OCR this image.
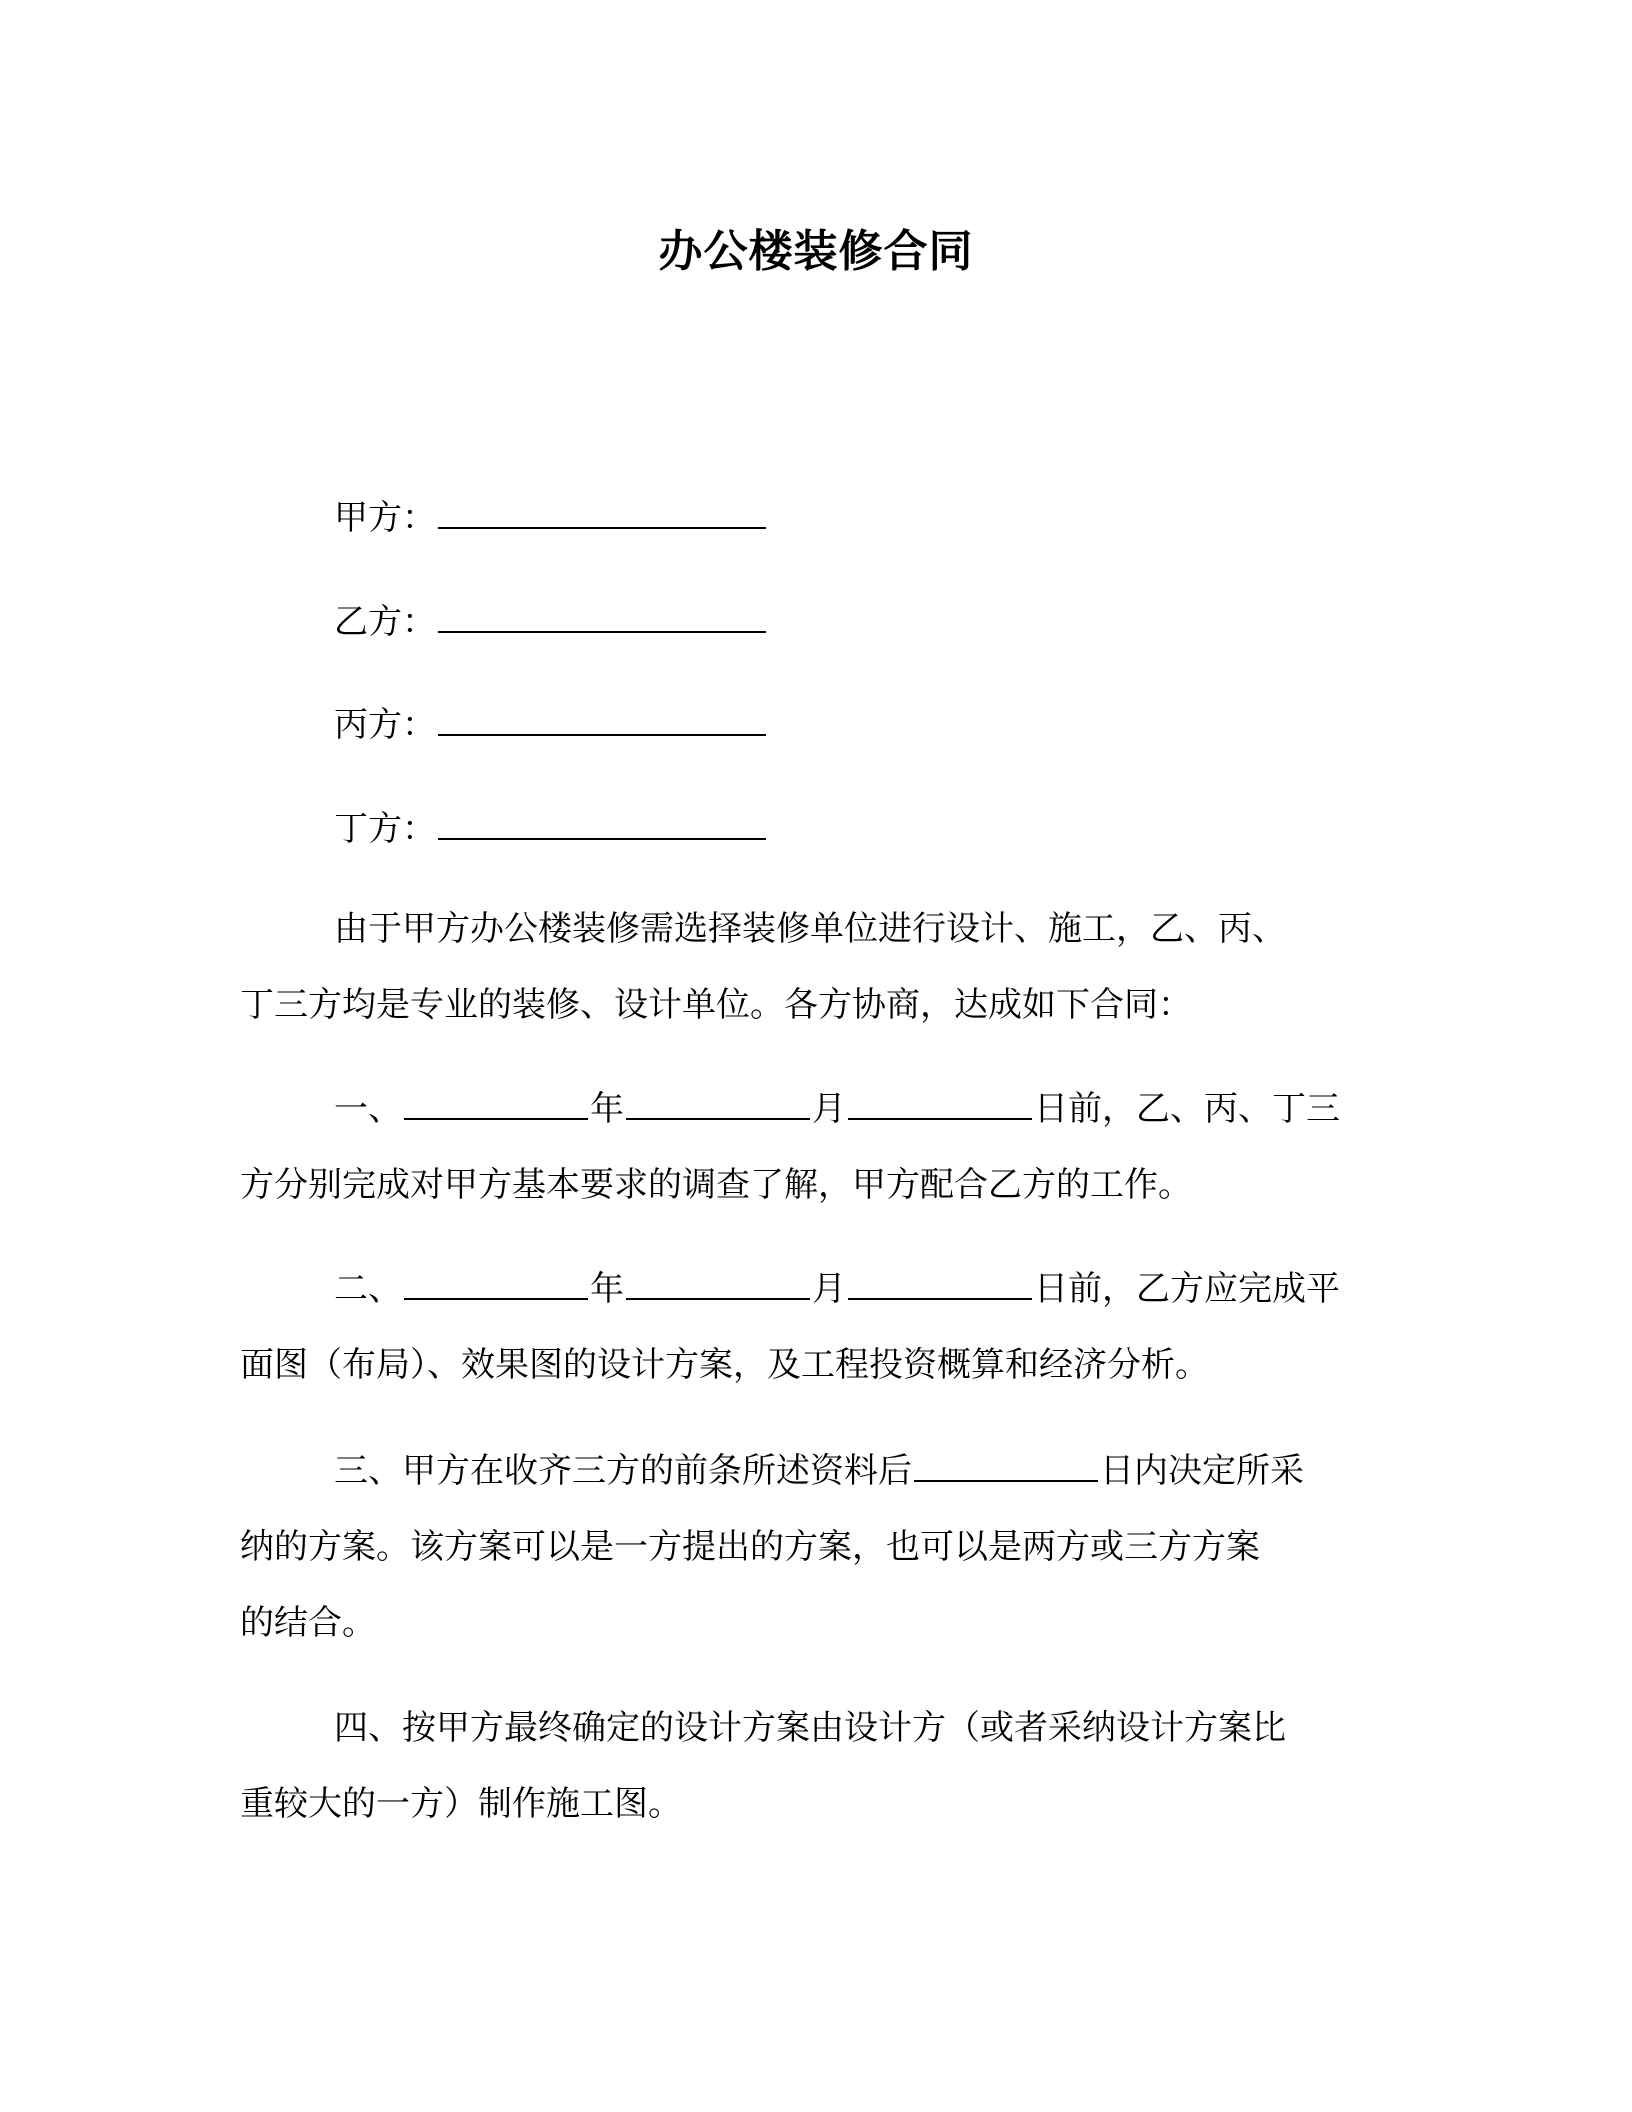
办公楼装修合同
甲方：
乙方：
丙方：
丁方：
由于甲方办公楼装修需选择装修单位进行设计、施工，乙、丙、
丁三方均是专业的装修、设计单位。各方协商，达成如下合同：
一、	年	月	日前，乙、丙、丁三
方分别完成对甲方基本要求的调查了解，甲方配合乙方的工作。
二、	年	月	日前，乙方应完成平
面图（布局）、效果图的设计方案，及工程投资概算和经济分析。
三、甲方在收齐三方的前条所述资料后	日内决定所采
纳的方案。该方案可以是一方提出的方案，也可以是两方或三方方案
的结合。
四、按甲方最终确定的设计方案由设计方（或者采纳设计方案比
重较大的一方）制作施工图。
